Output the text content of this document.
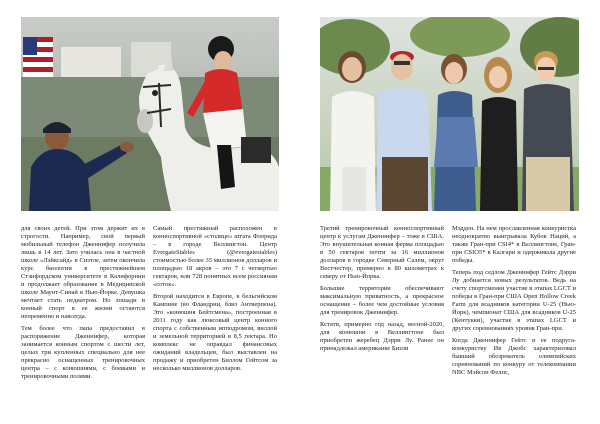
для своих детей. При этом держит их в строгости. Например, свой первый мобильный телефон Дженнифер получила лишь в 14 лет. Зато училась она в частной школе «Лэйксайд» в Сиэтле, затем окончила курс биологии в престижнейшем Стэнфордском университете в Калифорнии и продолжает образование в Медицинской школе Маунт-Синай в Нью-Йорке. Девушка мечтает стать педиатром. Но лошади и конный спорт в ее жизни остаются непременно и навсегда.

Тем более что папа предоставил в распоряжение Дженнифер, которая занимается конным спортом с шести лет, целых три купленных специально для нее прекрасно оснащенных тренировочных центра – с конюшнями, с боевыми и тренировочными полями.

Самый престижный расположен в конноспортивной «столице» штата Флорида – в городе Веллингтон. Центр EvergateStables (@evergatestables) стоимостью более 35 миллионов долларов и площадью 18 акров – это 7 с четвертью гектаров, или 728 понятных всем россиянам «соток».

Второй находится в Европе, в бельгийском Кампине (во Фландрии, близ Антверпена). Это «конюшня Бейтсмена», построенная в 2011 году как люксовый центр конного спорта с собственным ипподромом, виллой и земельной территорией в 8,5 гектара. Но комплекс не оправдал финансовых ожиданий владельцев, был выставлен на продажу и приобретен Биллом Гейтсом за несколько миллионов долларов.

Третий тренировочный конноспортивный центр к услугам Дженнифер – тоже в США. Это внушительная конная ферма площадью в 50 гектаров почти за 16 миллионов долларов в городке Северный Салем, округ Вестчестер, примерно в 80 километрах к северу от Нью-Йорка.

Большие территории обеспечивают максимальную приватность, а прекрасное оснащение – более чем достойные условия для тренировок Дженнифер.

Кстати, примерно год назад, весной-2020, для конюшни в Веллингтоне был приобретен жеребец Дэрри Лу. Ранее он принадлежал американке Бизли

Мэдден. На нем прославленная конкуристка неоднократно выигрывала Кубок Наций, а также Гран-при CSI4* в Веллингтоне, Гран-при CSIO5* в Калгари и одерживала другие победы.

Теперь под седлом Дженнифер Гейтс Дэрри Лу добиается новых результатов. Ведь на счету спортсменки участие в этапах LGCT и победы в Гран-при США Open Hollow Creek Farm для всадников категории U-25 (Нью-Йорк), чемпионат США для всадников U-25 (Кентукки), участие в этапах LGCT и других соревнованиях уровня Гран-при.

Когда Дженнифер Гейтс и ее подруга-конкуристку Ив Джобс характеризовал бывший обозреватель олимпийских соревнований по конкуру от телекомпании NBC Мэйсон Фелпс,
